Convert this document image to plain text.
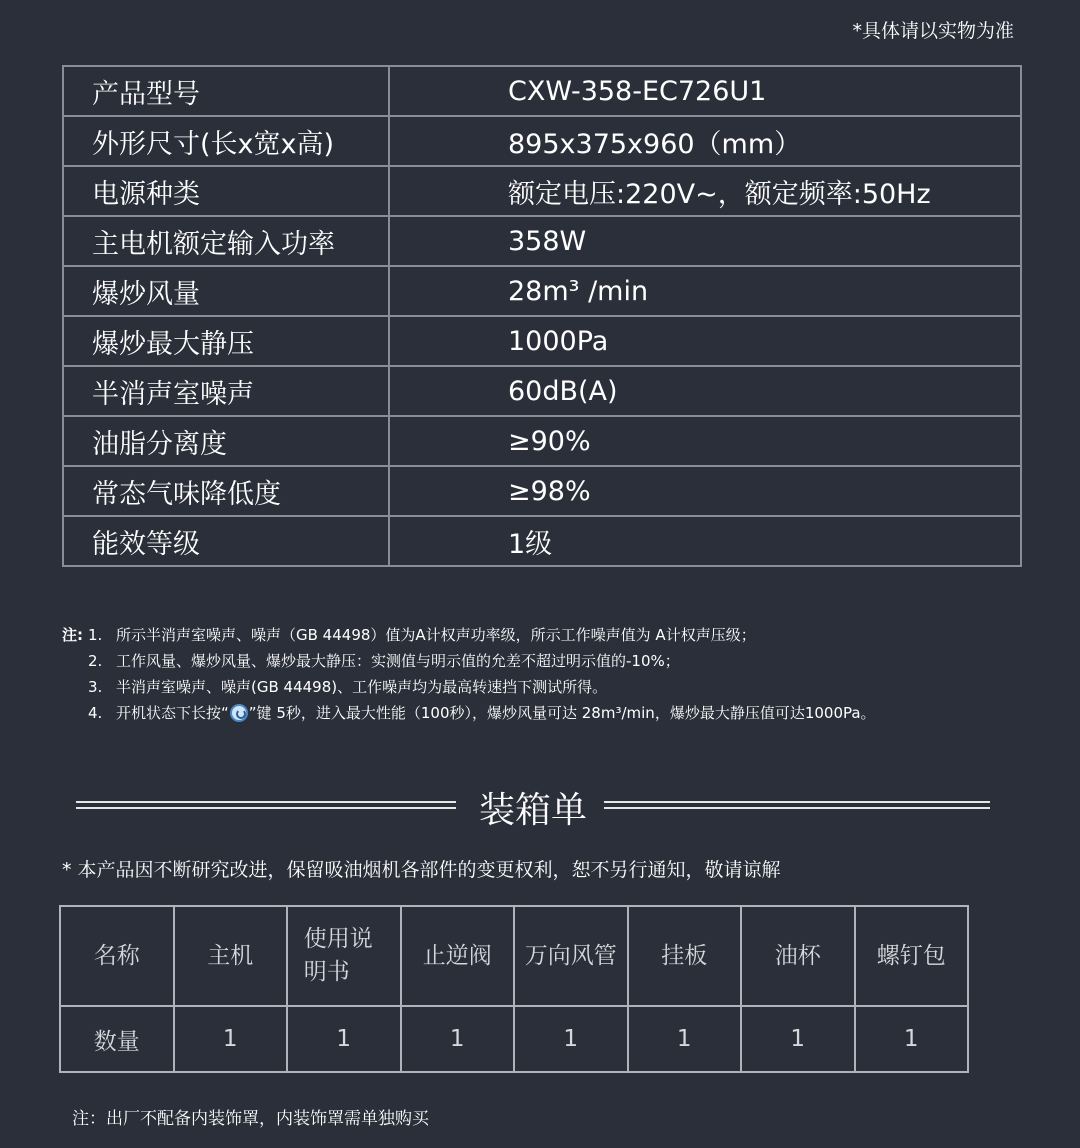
*具体请以实物为准
产品型号	CXW-358-EC726U1
外形尺寸(长x宽x高)	895x375x960（mm）
电源种类	额定电压:220V~，额定频率:50Hz
主电机额定输入功率	358W
爆炒风量	28m³ /min
爆炒最大静压	1000Pa
半消声室噪声	60dB(A)
油脂分离度	≥90%
常态气味降低度	≥98%
能效等级	1级
注: 1. 所示半消声室噪声、噪声（GB 44498）值为A计权声功率级，所示工作噪声值为 A计权声压级；
2. 工作风量、爆炒风量、爆炒最大静压：实测值与明示值的允差不超过明示值的-10%；
3. 半消声室噪声、噪声(GB 44498)、工作噪声均为最高转速挡下测试所得。
4. 开机状态下长按“ ”键 5秒，进入最大性能（100秒），爆炒风量可达 28m³/min，爆炒最大静压值可达1000Pa。
装箱单
* 本产品因不断研究改进，保留吸油烟机各部件的变更权利，恕不另行通知，敬请谅解
名称	主机	使用说明书	止逆阀	万向风管	挂板	油杯	螺钉包
数量	1	1	1	1	1	1	1
注：出厂不配备内装饰罩，内装饰罩需单独购买
